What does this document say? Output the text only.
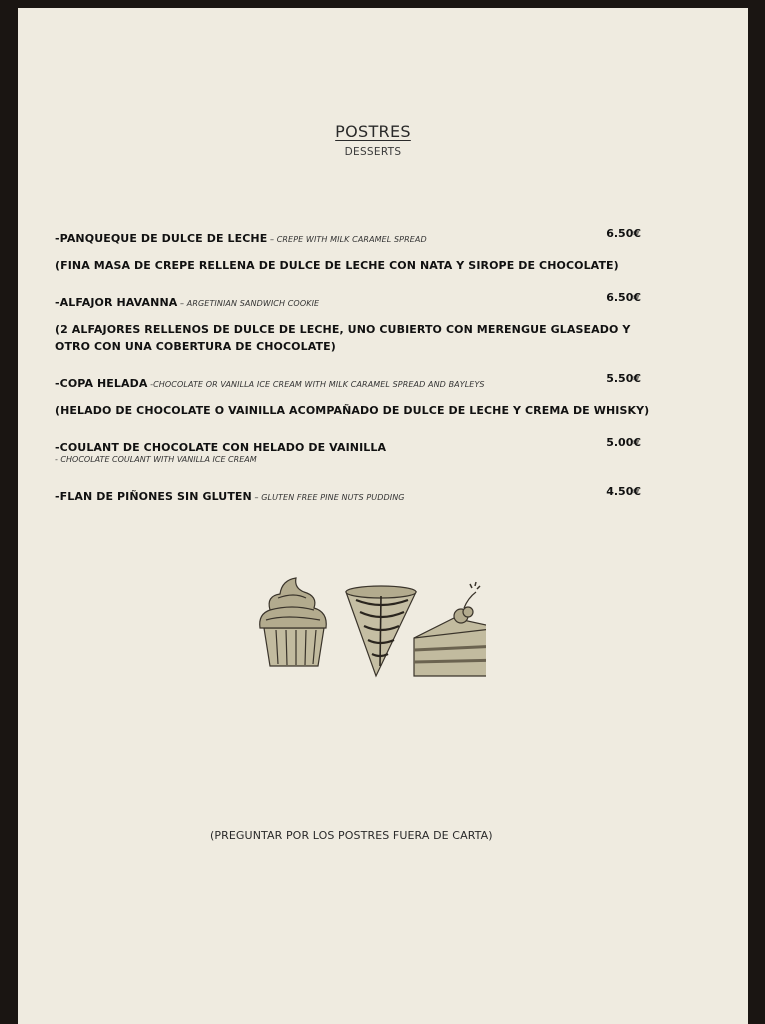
POSTRES
DESSERTS
-PANQUEQUE DE DULCE DE LECHE – CREPE WITH MILK CARAMEL SPREAD	6.50€
(FINA MASA DE CREPE RELLENA DE DULCE DE LECHE CON NATA Y SIROPE DE CHOCOLATE)
-ALFAJOR HAVANNA – ARGETINIAN SANDWICH COOKIE	6.50€
(2 ALFAJORES RELLENOS DE DULCE DE LECHE, UNO CUBIERTO CON MERENGUE GLASEADO Y OTRO CON UNA COBERTURA DE CHOCOLATE)
-COPA HELADA -CHOCOLATE OR VANILLA ICE CREAM WITH MILK CARAMEL SPREAD AND BAYLEYS	5.50€
(HELADO DE CHOCOLATE O VAINILLA ACOMPAÑADO DE DULCE DE LECHE Y CREMA DE WHISKY)
-COULANT DE CHOCOLATE CON HELADO DE VAINILLA	5.00€
- CHOCOLATE COULANT WITH VANILLA ICE CREAM
-FLAN DE PIÑONES SIN GLUTEN – GLUTEN FREE PINE NUTS PUDDING	4.50€
(PREGUNTAR POR LOS POSTRES FUERA DE CARTA)
